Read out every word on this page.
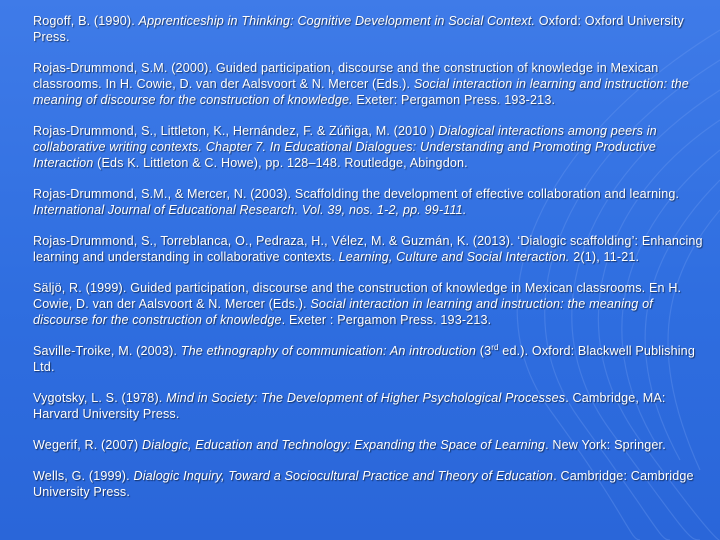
Rogoff, B. (1990). Apprenticeship in Thinking: Cognitive Development in Social Context. Oxford: Oxford University Press.

Rojas-Drummond, S.M. (2000). Guided participation, discourse and the construction of knowledge in Mexican classrooms. In H. Cowie, D. van der Aalsvoort & N. Mercer (Eds.). Social interaction in learning and instruction: the meaning of discourse for the construction of knowledge. Exeter: Pergamon Press. 193-213.

Rojas-Drummond, S., Littleton, K., Hernández, F. & Zúñiga, M. (2010 ) Dialogical interactions among peers in collaborative writing contexts. Chapter 7. In Educational Dialogues: Understanding and Promoting Productive Interaction (Eds K. Littleton & C. Howe), pp. 128–148. Routledge, Abingdon.

Rojas-Drummond, S.M., & Mercer, N. (2003). Scaffolding the development of effective collaboration and learning. International Journal of Educational Research. Vol. 39, nos. 1-2, pp. 99-111.

Rojas-Drummond, S., Torreblanca, O., Pedraza, H., Vélez, M. & Guzmán, K. (2013). ‘Dialogic scaffolding’: Enhancing learning and understanding in collaborative contexts. Learning, Culture and Social Interaction. 2(1), 11-21.

Säljö, R. (1999). Guided participation, discourse and the construction of knowledge in Mexican classrooms. En H. Cowie, D. van der Aalsvoort & N. Mercer (Eds.). Social interaction in learning and instruction: the meaning of discourse for the construction of knowledge. Exeter : Pergamon Press. 193-213.

Saville-Troike, M. (2003). The ethnography of communication: An introduction (3rd ed.). Oxford: Blackwell Publishing Ltd.

Vygotsky, L. S. (1978). Mind in Society: The Development of Higher Psychological Processes. Cambridge, MA: Harvard University Press.

Wegerif, R. (2007) Dialogic, Education and Technology: Expanding the Space of Learning. New York: Springer.

Wells, G. (1999). Dialogic Inquiry, Toward a Sociocultural Practice and Theory of Education. Cambridge: Cambridge University Press.
